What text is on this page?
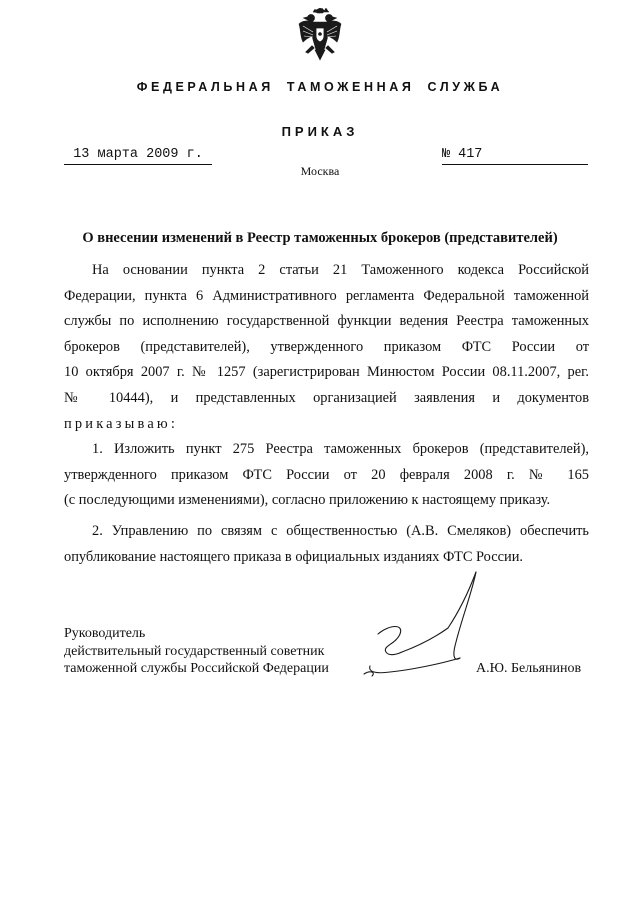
ФЕДЕРАЛЬНАЯ ТАМОЖЕННАЯ СЛУЖБА
ПРИКАЗ
13 марта 2009 г.	№ 417
Москва
О внесении изменений в Реестр таможенных брокеров (представителей)
На основании пункта 2 статьи 21 Таможенного кодекса Российской
Федерации, пункта 6 Административного регламента Федеральной таможенной
службы по исполнению государственной функции ведения Реестра таможенных
брокеров (представителей), утвержденного приказом ФТС России от
10 октября 2007 г. № 1257 (зарегистрирован Минюстом России 08.11.2007, рег.
№ 10444), и представленных организацией заявления и документов
приказываю:
1. Изложить пункт 275 Реестра таможенных брокеров (представителей),
утвержденного приказом ФТС России от 20 февраля 2008 г. № 165
(с последующими изменениями), согласно приложению к настоящему приказу.
2. Управлению по связям с общественностью (А.В. Смеляков) обеспечить
опубликование настоящего приказа в официальных изданиях ФТС России.
Руководитель
действительный государственный советник
таможенной службы Российской Федерации	А.Ю. Бельянинов
